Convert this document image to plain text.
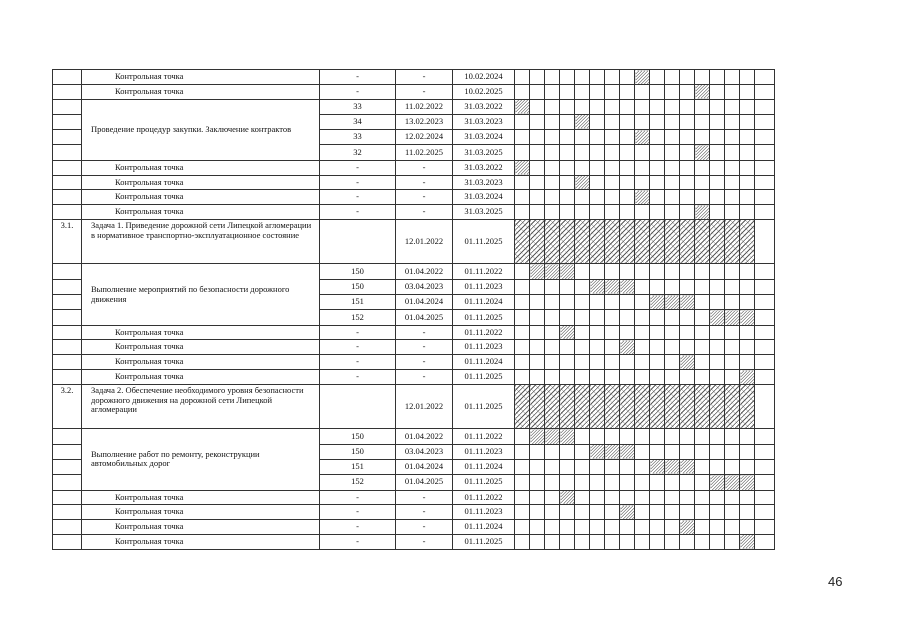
	Контрольная точка	-	-	10.02.2024																	
	Контрольная точка	-	-	10.02.2025																	
	Проведение процедур закупки. Заключение контрактов	33	11.02.2022	31.03.2022																	
		34	13.02.2023	31.03.2023																	
		33	12.02.2024	31.03.2024																	
		32	11.02.2025	31.03.2025																	
	Контрольная точка	-	-	31.03.2022																	
	Контрольная точка	-	-	31.03.2023																	
	Контрольная точка	-	-	31.03.2024																	
	Контрольная точка	-	-	31.03.2025																	
3.1.	Задача 1. Приведение дорожной сети Липецкой агломерации в нормативное транспортно-эксплуатационное состояние		12.01.2022	01.11.2025																	
	Выполнение мероприятий по безопасности дорожного движения	150	01.04.2022	01.11.2022																	
		150	03.04.2023	01.11.2023																	
		151	01.04.2024	01.11.2024																	
		152	01.04.2025	01.11.2025																	
	Контрольная точка	-	-	01.11.2022																	
	Контрольная точка	-	-	01.11.2023																	
	Контрольная точка	-	-	01.11.2024																	
	Контрольная точка	-	-	01.11.2025																	
3.2.	Задача 2. Обеспечение необходимого уровня безопасности дорожного движения на дорожной сети Липецкой агломерации		12.01.2022	01.11.2025																	
	Выполнение работ по ремонту, реконструкции автомобильных дорог	150	01.04.2022	01.11.2022																	
		150	03.04.2023	01.11.2023																	
		151	01.04.2024	01.11.2024																	
		152	01.04.2025	01.11.2025																	
	Контрольная точка	-	-	01.11.2022																	
	Контрольная точка	-	-	01.11.2023																	
	Контрольная точка	-	-	01.11.2024																	
	Контрольная точка	-	-	01.11.2025																	
46
